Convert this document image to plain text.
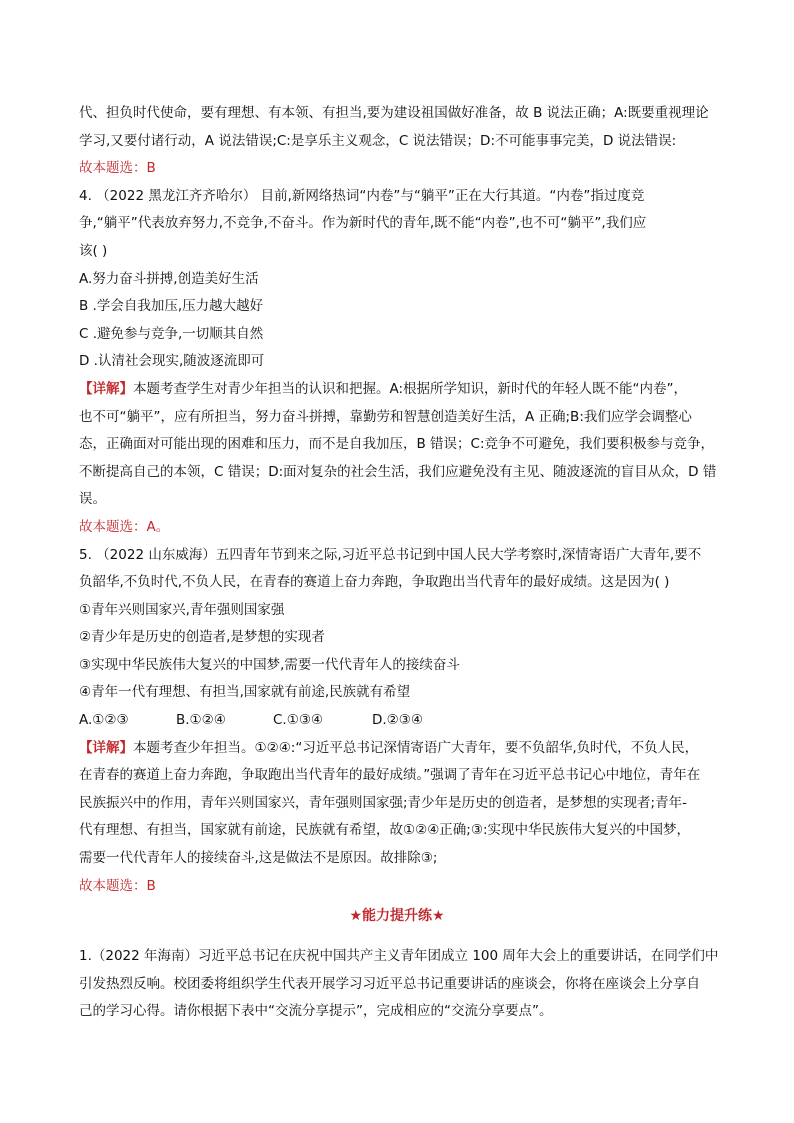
代、担负时代使命，要有理想、有本领、有担当,要为建设祖国做好准备，故 B 说法正确；A:既要重视理论
学习,又要付诸行动，A 说法错误;C:是享乐主义观念，C 说法错误；D:不可能事事完美，D 说法错误:
故本题选：B
4. （2022 黑龙江齐齐哈尔） 目前,新网络热词“内卷”与“躺平”正在大行其道。“内卷”指过度竞
争,“躺平”代表放弃努力,不竞争,不奋斗。作为新时代的青年,既不能“内卷”,也不可“躺平”,我们应
该( )
A.努力奋斗拼搏,创造美好生活
B .学会自我加压,压力越大越好
C .避免参与竞争,一切顺其自然
D .认清社会现实,随波逐流即可
【详解】本题考查学生对青少年担当的认识和把握。A:根据所学知识，新时代的年轻人既不能“内卷”，
也不可“躺平”，应有所担当，努力奋斗拼搏，靠勤劳和智慧创造美好生活，A 正确;B:我们应学会调整心
态，正确面对可能出现的困难和压力，而不是自我加压，B 错误；C:竞争不可避免，我们要积极参与竞争，
不断提高自己的本领，C 错误；D:面对复杂的社会生活，我们应避免没有主见、随波逐流的盲目从众，D 错
误。
故本题选：A。
5. （2022 山东威海）五四青年节到来之际,习近平总书记到中国人民大学考察时,深情寄语广大青年,要不
负韶华,不负时代,不负人民，在青春的赛道上奋力奔跑，争取跑出当代青年的最好成绩。这是因为( )
①青年兴则国家兴,青年强则国家强
②青少年是历史的创造者,是梦想的实现者
③实现中华民族伟大复兴的中国梦,需要一代代青年人的接续奋斗
④青年一代有理想、有担当,国家就有前途,民族就有希望
A.①②③	B.①②④	C.①③④	D.②③④
【详解】本题考查少年担当。①②④:“习近平总书记深情寄语广大青年，要不负韶华,负时代，不负人民，
在青春的赛道上奋力奔跑，争取跑出当代青年的最好成绩。”强调了青年在习近平总书记心中地位，青年在
民族振兴中的作用，青年兴则国家兴，青年强则国家强;青少年是历史的创造者，是梦想的实现者;青年-
代有理想、有担当，国家就有前途，民族就有希望，故①②④正确;③:实现中华民族伟大复兴的中国梦，
需要一代代青年人的接续奋斗,这是做法不是原因。故排除③;
故本题选：B
★能力提升练★
1.（2022 年海南）习近平总书记在庆祝中国共产主义青年团成立 100 周年大会上的重要讲话，在同学们中
引发热烈反响。校团委将组织学生代表开展学习习近平总书记重要讲话的座谈会，你将在座谈会上分享自
己的学习心得。请你根据下表中“交流分享提示”，完成相应的“交流分享要点”。
